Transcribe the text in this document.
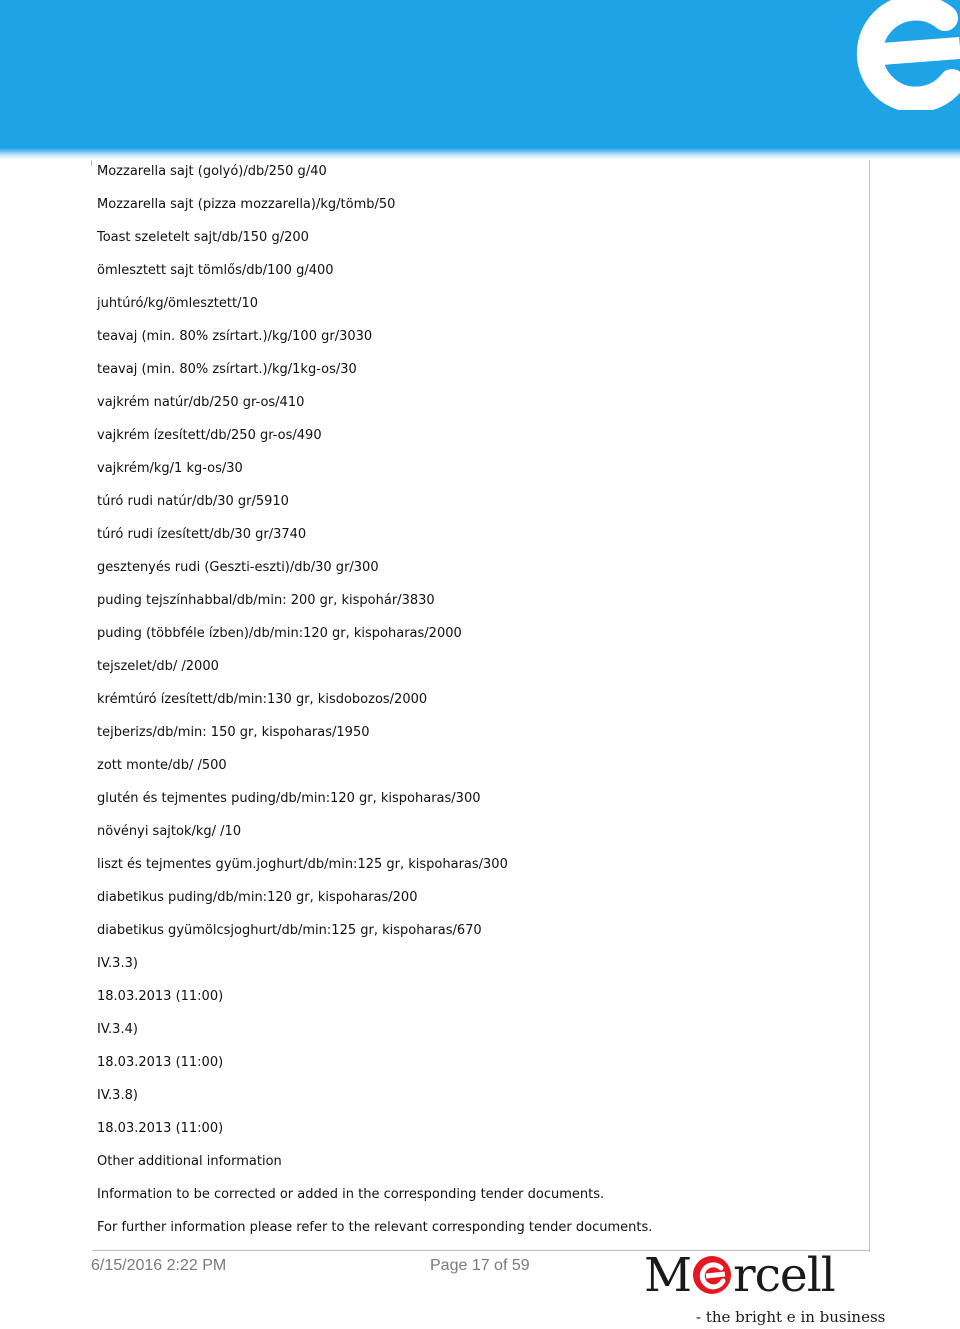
Mozzarella sajt (golyó)/db/250 g/40
Mozzarella sajt (pizza mozzarella)/kg/tömb/50
Toast szeletelt sajt/db/150 g/200
ömlesztett sajt tömlős/db/100 g/400
juhtúró/kg/ömlesztett/10
teavaj (min. 80% zsírtart.)/kg/100 gr/3030
teavaj (min. 80% zsírtart.)/kg/1kg-os/30
vajkrém natúr/db/250 gr-os/410
vajkrém ízesített/db/250 gr-os/490
vajkrém/kg/1 kg-os/30
túró rudi natúr/db/30 gr/5910
túró rudi ízesített/db/30 gr/3740
gesztenyés rudi (Geszti-eszti)/db/30 gr/300
puding tejszínhabbal/db/min: 200 gr, kispohár/3830
puding (többféle ízben)/db/min:120 gr, kispoharas/2000
tejszelet/db/ /2000
krémtúró ízesített/db/min:130 gr, kisdobozos/2000
tejberizs/db/min: 150 gr, kispoharas/1950
zott monte/db/ /500
glutén és tejmentes puding/db/min:120 gr, kispoharas/300
növényi sajtok/kg/ /10
liszt és tejmentes gyüm.joghurt/db/min:125 gr, kispoharas/300
diabetikus puding/db/min:120 gr, kispoharas/200
diabetikus gyümölcsjoghurt/db/min:125 gr, kispoharas/670
IV.3.3)
18.03.2013 (11:00)
IV.3.4)
18.03.2013 (11:00)
IV.3.8)
18.03.2013 (11:00)
Other additional information
Information to be corrected or added in the corresponding tender documents.
For further information please refer to the relevant corresponding tender documents.
6/15/2016 2:22 PM	Page 17 of 59 M rcell
- the bright e in business
